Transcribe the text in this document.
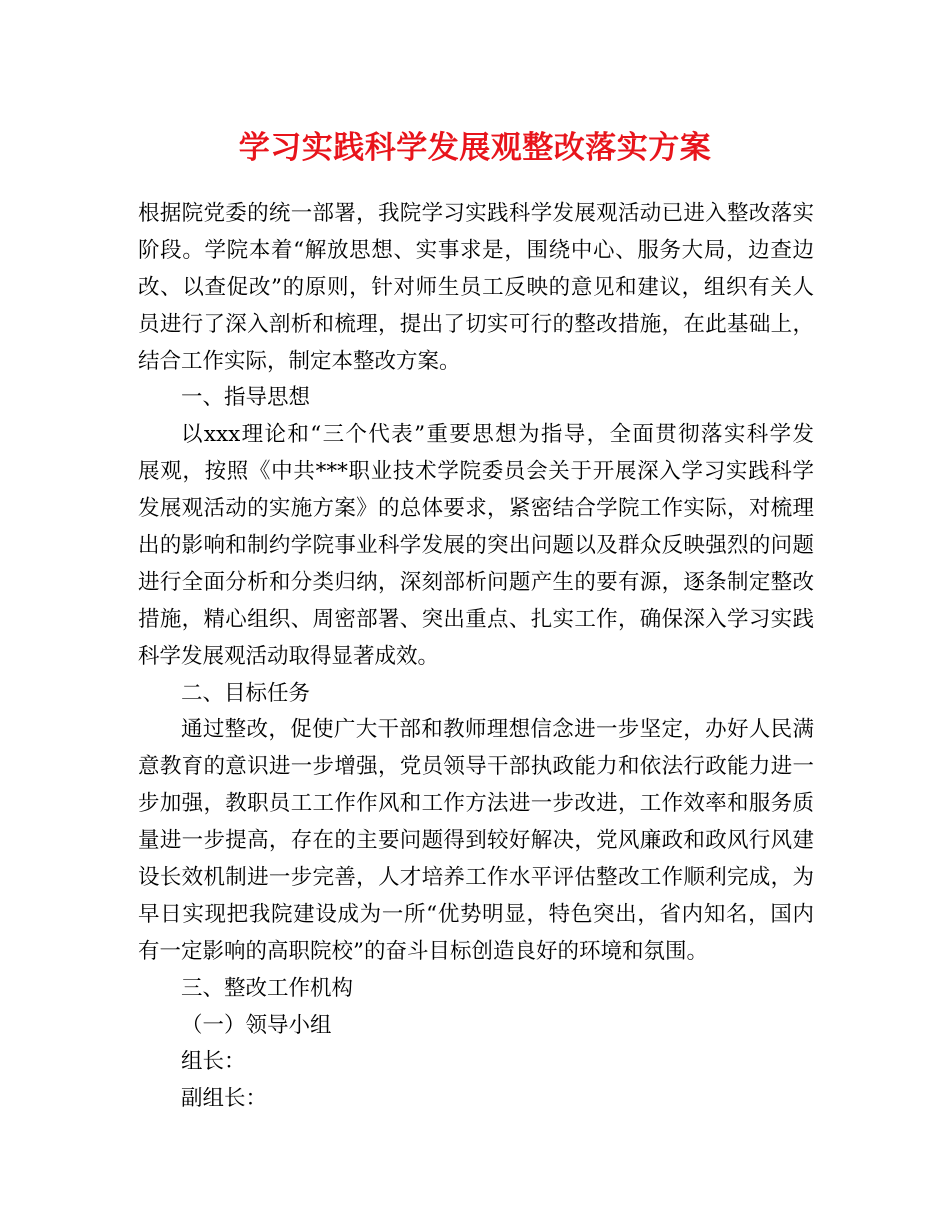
学习实践科学发展观整改落实方案
根据院党委的统一部署，我院学习实践科学发展观活动已进入整改落实
阶段。学院本着“解放思想、实事求是，围绕中心、服务大局，边查边
改、以查促改”的原则，针对师生员工反映的意见和建议，组织有关人
员进行了深入剖析和梳理，提出了切实可行的整改措施，在此基础上，
结合工作实际，制定本整改方案。
一、指导思想
以xxx理论和“三个代表”重要思想为指导，全面贯彻落实科学发
展观，按照《中共***职业技术学院委员会关于开展深入学习实践科学
发展观活动的实施方案》的总体要求，紧密结合学院工作实际，对梳理
出的影响和制约学院事业科学发展的突出问题以及群众反映强烈的问题
进行全面分析和分类归纳，深刻部析问题产生的要有源，逐条制定整改
措施，精心组织、周密部署、突出重点、扎实工作，确保深入学习实践
科学发展观活动取得显著成效。
二、目标任务
通过整改，促使广大干部和教师理想信念进一步坚定，办好人民满
意教育的意识进一步增强，党员领导干部执政能力和依法行政能力进一
步加强，教职员工工作作风和工作方法进一步改进，工作效率和服务质
量进一步提高，存在的主要问题得到较好解决，党风廉政和政风行风建
设长效机制进一步完善，人才培养工作水平评估整改工作顺利完成，为
早日实现把我院建设成为一所“优势明显，特色突出，省内知名，国内
有一定影响的高职院校”的奋斗目标创造良好的环境和氛围。
三、整改工作机构
（一）领导小组
组长：
副组长：
